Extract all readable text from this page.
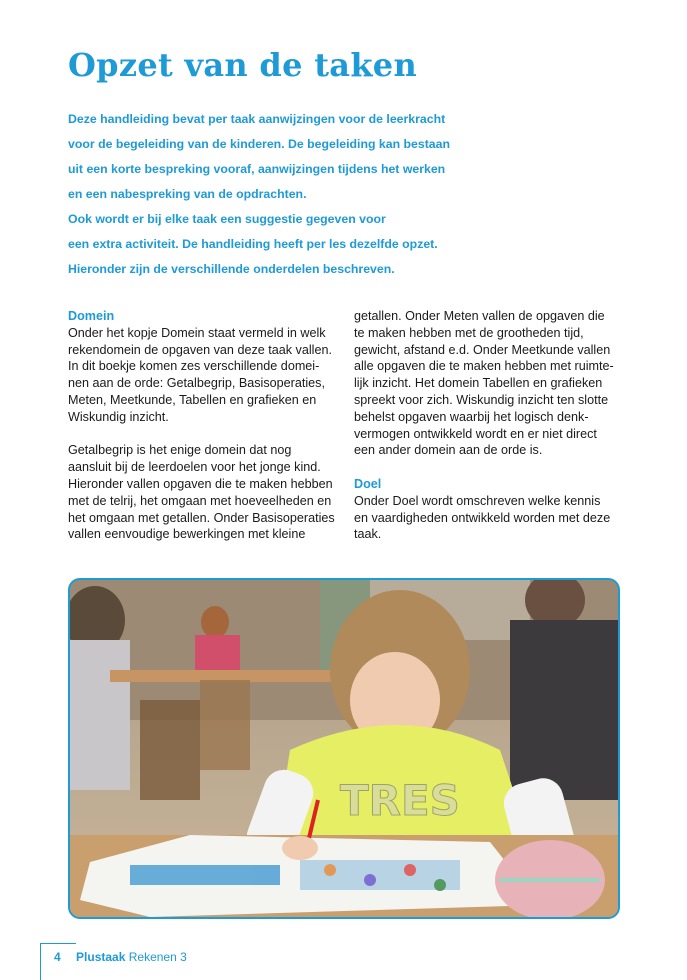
Opzet van de taken
Deze handleiding bevat per taak aanwijzingen voor de leerkracht
voor de begeleiding van de kinderen. De begeleiding kan bestaan
uit een korte bespreking vooraf, aanwijzingen tijdens het werken
en een nabespreking van de opdrachten.
Ook wordt er bij elke taak een suggestie gegeven voor
een extra activiteit. De handleiding heeft per les dezelfde opzet.
Hieronder zijn de verschillende onderdelen beschreven.
Domein
Onder het kopje Domein staat vermeld in welk
rekendomein de opgaven van deze taak vallen.
In dit boekje komen zes verschillende domei-
nen aan de orde: Getalbegrip, Basisoperaties,
Meten, Meetkunde, Tabellen en grafieken en
Wiskundig inzicht.
Getalbegrip is het enige domein dat nog
aansluit bij de leerdoelen voor het jonge kind.
Hieronder vallen opgaven die te maken hebben
met de telrij, het omgaan met hoeveelheden en
het omgaan met getallen. Onder Basisoperaties
vallen eenvoudige bewerkingen met kleine
getallen. Onder Meten vallen de opgaven die
te maken hebben met de grootheden tijd,
gewicht, afstand e.d. Onder Meetkunde vallen
alle opgaven die te maken hebben met ruimte-
lijk inzicht. Het domein Tabellen en grafieken
spreekt voor zich. Wiskundig inzicht ten slotte
behelst opgaven waarbij het logisch denk-
vermogen ontwikkeld wordt en er niet direct
een ander domein aan de orde is.
Doel
Onder Doel wordt omschreven welke kennis
en vaardigheden ontwikkeld worden met deze
taak.
TRES
4 Plustaak Rekenen 3
